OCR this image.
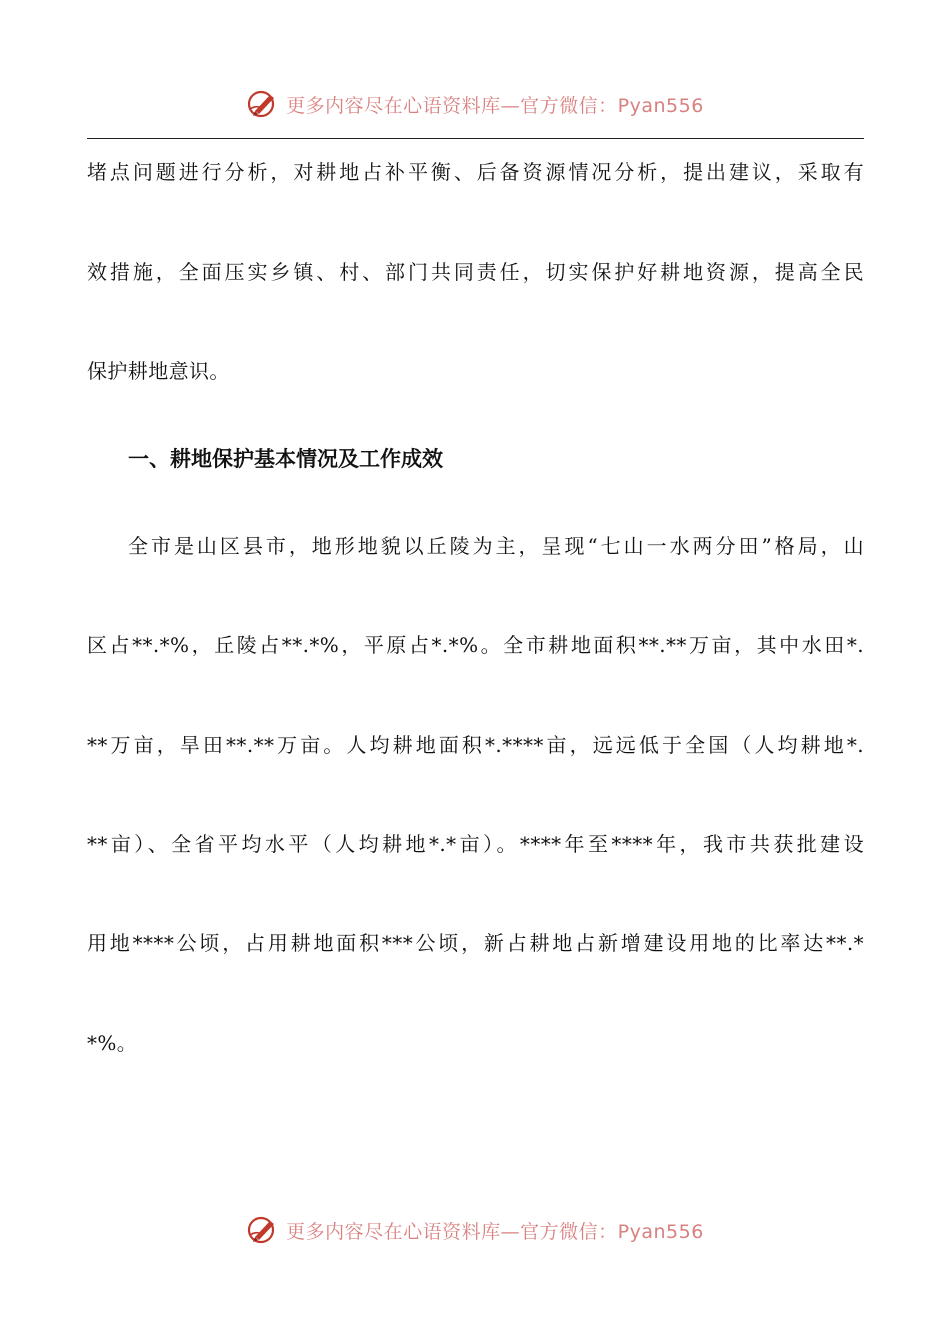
更多内容尽在心语资料库—官方微信：Pyan556
堵点问题进行分析，对耕地占补平衡、后备资源情况分析，提出建议，采取有
效措施，全面压实乡镇、村、部门共同责任，切实保护好耕地资源，提高全民
保护耕地意识。
一、耕地保护基本情况及工作成效
全市是山区县市，地形地貌以丘陵为主，呈现“七山一水两分田”格局，山
区占**.*%，丘陵占**.*%，平原占*.*%。全市耕地面积**.**万亩，其中水田*.
**万亩，旱田**.**万亩。人均耕地面积*.****亩，远远低于全国（人均耕地*.
**亩）、全省平均水平（人均耕地*.*亩）。****年至****年，我市共获批建设
用地****公顷，占用耕地面积***公顷，新占耕地占新增建设用地的比率达**.*
*%。
更多内容尽在心语资料库—官方微信：Pyan556
